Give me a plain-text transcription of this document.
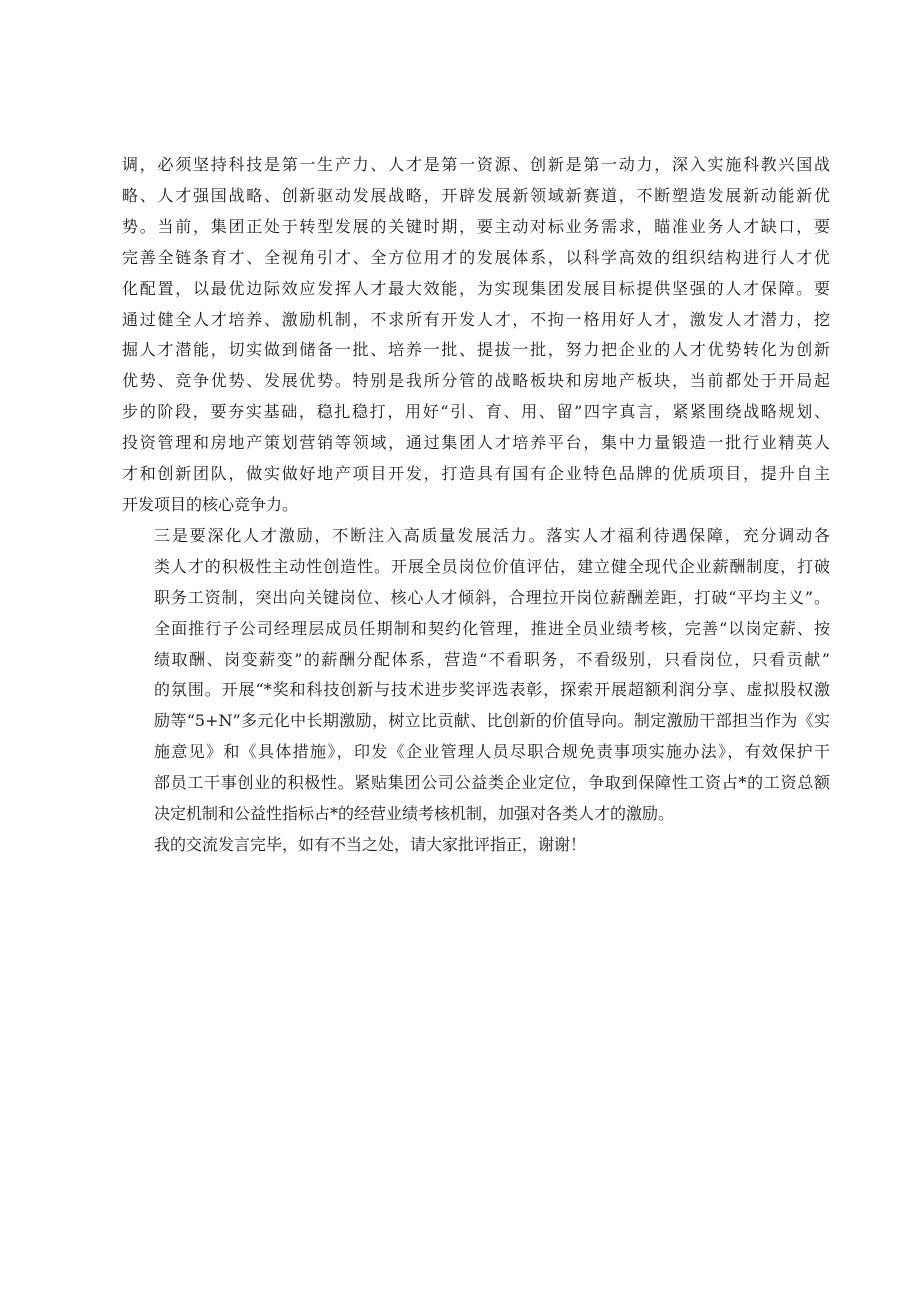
调，必须坚持科技是第一生产力、人才是第一资源、创新是第一动力，深入实施科教兴国战
略、人才强国战略、创新驱动发展战略，开辟发展新领域新赛道，不断塑造发展新动能新优
势。当前，集团正处于转型发展的关键时期，要主动对标业务需求，瞄准业务人才缺口，要
完善全链条育才、全视角引才、全方位用才的发展体系，以科学高效的组织结构进行人才优
化配置，以最优边际效应发挥人才最大效能，为实现集团发展目标提供坚强的人才保障。要
通过健全人才培养、激励机制，不求所有开发人才，不拘一格用好人才，激发人才潜力，挖
掘人才潜能，切实做到储备一批、培养一批、提拔一批，努力把企业的人才优势转化为创新
优势、竞争优势、发展优势。特别是我所分管的战略板块和房地产板块，当前都处于开局起
步的阶段，要夯实基础，稳扎稳打，用好“引、育、用、留”四字真言，紧紧围绕战略规划、
投资管理和房地产策划营销等领域，通过集团人才培养平台，集中力量锻造一批行业精英人
才和创新团队，做实做好地产项目开发，打造具有国有企业特色品牌的优质项目，提升自主
开发项目的核心竞争力。

三是要深化人才激励，不断注入高质量发展活力。落实人才福利待遇保障，充分调动各
类人才的积极性主动性创造性。开展全员岗位价值评估，建立健全现代企业薪酬制度，打破
职务工资制，突出向关键岗位、核心人才倾斜，合理拉开岗位薪酬差距，打破“平均主义”。
全面推行子公司经理层成员任期制和契约化管理，推进全员业绩考核，完善“以岗定薪、按
绩取酬、岗变薪变”的薪酬分配体系，营造“不看职务，不看级别，只看岗位，只看贡献”
的氛围。开展“*奖和科技创新与技术进步奖评选表彰，探索开展超额利润分享、虚拟股权激
励等“5+N”多元化中长期激励，树立比贡献、比创新的价值导向。制定激励干部担当作为《实
施意见》和《具体措施》，印发《企业管理人员尽职合规免责事项实施办法》，有效保护干
部员工干事创业的积极性。紧贴集团公司公益类企业定位，争取到保障性工资占*的工资总额
决定机制和公益性指标占*的经营业绩考核机制，加强对各类人才的激励。

我的交流发言完毕，如有不当之处，请大家批评指正，谢谢！
